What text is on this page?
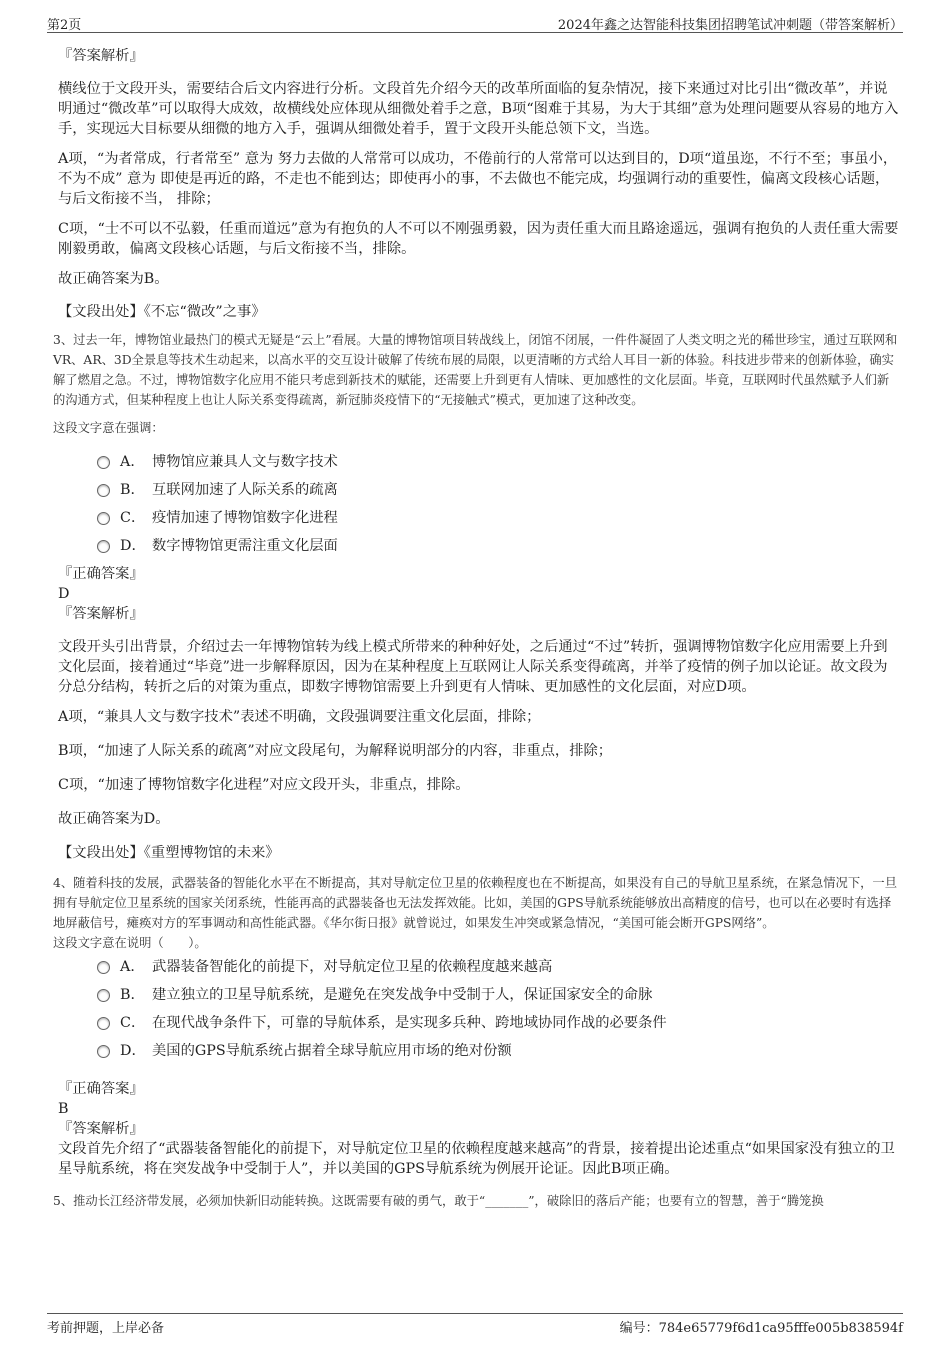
第2页	2024年鑫之达智能科技集团招聘笔试冲刺题（带答案解析）

『答案解析』

横线位于文段开头，需要结合后文内容进行分析。文段首先介绍今天的改革所面临的复杂情况，接下来通过对比引出“微改革”，并说明通过“微改革”可以取得大成效，故横线处应体现从细微处着手之意，B项“图难于其易，为大于其细”意为处理问题要从容易的地方入手，实现远大目标要从细微的地方入手，强调从细微处着手，置于文段开头能总领下文，当选。

A项，“为者常成，行者常至” 意为 努力去做的人常常可以成功，不倦前行的人常常可以达到目的，D项“道虽迩，不行不至；事虽小，不为不成” 意为 即使是再近的路，不走也不能到达；即使再小的事，不去做也不能完成，均强调行动的重要性，偏离文段核心话题， 与后文衔接不当， 排除；

C项，“士不可以不弘毅，任重而道远”意为有抱负的人不可以不刚强勇毅，因为责任重大而且路途遥远，强调有抱负的人责任重大需要刚毅勇敢，偏离文段核心话题，与后文衔接不当，排除。

故正确答案为B。

【文段出处】《不忘“微改”之事》

3、过去一年，博物馆业最热门的模式无疑是“云上”看展。大量的博物馆项目转战线上，闭馆不闭展，一件件凝固了人类文明之光的稀世珍宝，通过互联网和VR、AR、3D全景息等技术生动起来，以高水平的交互设计破解了传统布展的局限，以更清晰的方式给人耳目一新的体验。科技进步带来的创新体验，确实解了燃眉之急。不过，博物馆数字化应用不能只考虑到新技术的赋能，还需要上升到更有人情味、更加感性的文化层面。毕竟，互联网时代虽然赋予人们新的沟通方式，但某种程度上也让人际关系变得疏离，新冠肺炎疫情下的“无接触式”模式，更加速了这种改变。

这段文字意在强调：

A． 博物馆应兼具人文与数字技术
B． 互联网加速了人际关系的疏离
C． 疫情加速了博物馆数字化进程
D． 数字博物馆更需注重文化层面

『正确答案』

D

『答案解析』

文段开头引出背景，介绍过去一年博物馆转为线上模式所带来的种种好处，之后通过“不过”转折，强调博物馆数字化应用需要上升到文化层面，接着通过“毕竟”进一步解释原因，因为在某种程度上互联网让人际关系变得疏离，并举了疫情的例子加以论证。故文段为分总分结构，转折之后的对策为重点，即数字博物馆需要上升到更有人情味、更加感性的文化层面，对应D项。

A项，“兼具人文与数字技术”表述不明确，文段强调要注重文化层面，排除；

B项，“加速了人际关系的疏离”对应文段尾句，为解释说明部分的内容，非重点，排除；

C项，“加速了博物馆数字化进程”对应文段开头，非重点，排除。

故正确答案为D。

【文段出处】《重塑博物馆的未来》

4、随着科技的发展，武器装备的智能化水平在不断提高，其对导航定位卫星的依赖程度也在不断提高，如果没有自己的导航卫星系统，在紧急情况下，一旦拥有导航定位卫星系统的国家关闭系统，性能再高的武器装备也无法发挥效能。比如，美国的GPS导航系统能够放出高精度的信号，也可以在必要时有选择地屏蔽信号，瘫痪对方的军事调动和高性能武器。《华尔街日报》就曾说过，如果发生冲突或紧急情况，“美国可能会断开GPS网络”。

这段文字意在说明（　　）。

A． 武器装备智能化的前提下，对导航定位卫星的依赖程度越来越高
B． 建立独立的卫星导航系统，是避免在突发战争中受制于人，保证国家安全的命脉
C． 在现代战争条件下，可靠的导航体系，是实现多兵种、跨地域协同作战的必要条件
D． 美国的GPS导航系统占据着全球导航应用市场的绝对份额

『正确答案』

B

『答案解析』

文段首先介绍了“武器装备智能化的前提下，对导航定位卫星的依赖程度越来越高”的背景，接着提出论述重点“如果国家没有独立的卫星导航系统，将在突发战争中受制于人”，并以美国的GPS导航系统为例展开论证。因此B项正确。

5、推动长江经济带发展，必须加快新旧动能转换。这既需要有破的勇气，敢于“_______”，破除旧的落后产能；也要有立的智慧，善于“腾笼换

考前押题，上岸必备	编号：784e65779f6d1ca95fffe005b838594f
